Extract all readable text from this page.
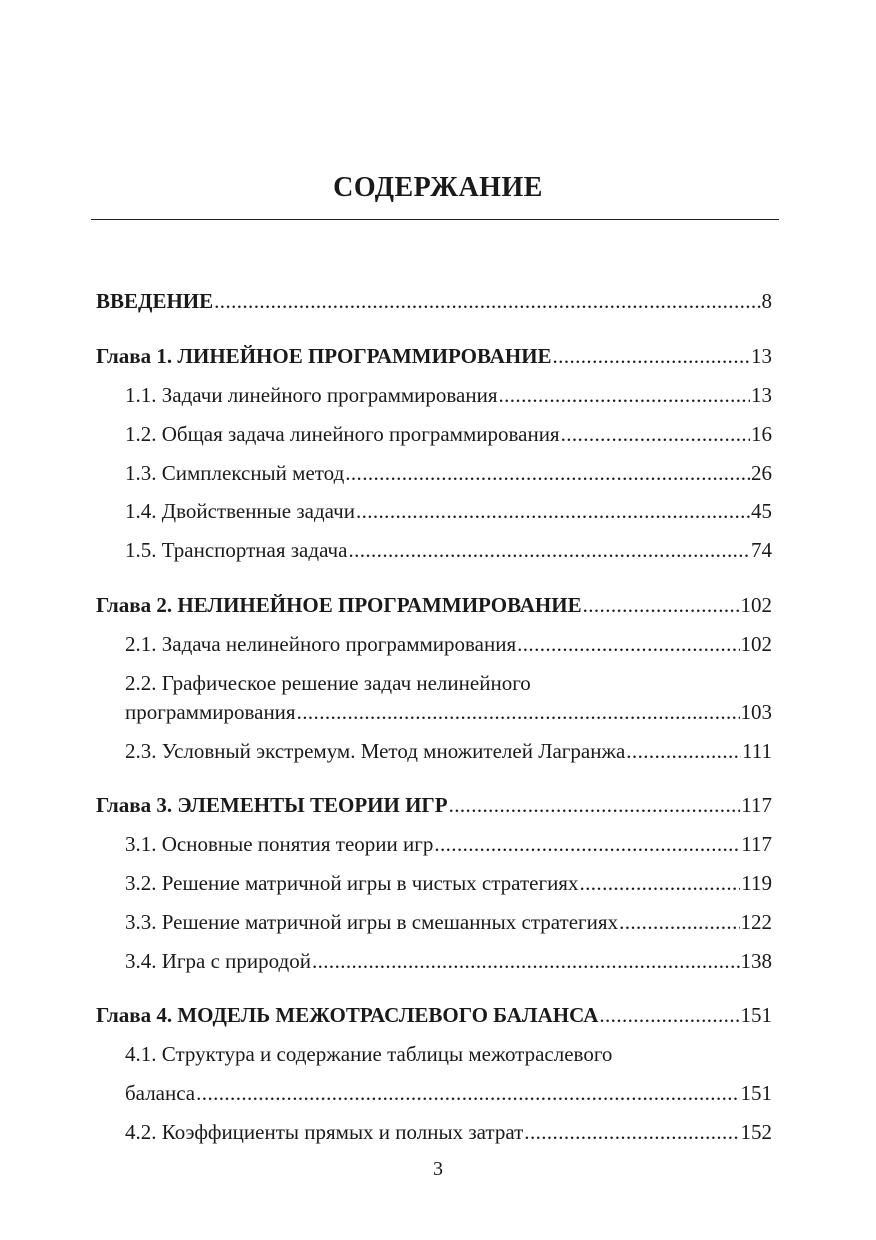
СОДЕРЖАНИЕ
ВВЕДЕНИЕ .....	8
Глава 1. ЛИНЕЙНОЕ ПРОГРАММИРОВАНИЕ .....	13
1.1. Задачи линейного программирования .....	13
1.2. Общая задача линейного программирования .....	16
1.3. Симплексный метод .....	26
1.4. Двойственные задачи .....	45
1.5. Транспортная задача .....	74
Глава 2. НЕЛИНЕЙНОЕ ПРОГРАММИРОВАНИЕ .....	102
2.1. Задача нелинейного программирования .....	102
2.2. Графическое решение задач нелинейного
программирования .....	103
2.3. Условный экстремум. Метод множителей Лагранжа .....	111
Глава 3. ЭЛЕМЕНТЫ ТЕОРИИ ИГР .....	117
3.1. Основные понятия теории игр .....	117
3.2. Решение матричной игры в чистых стратегиях .....	119
3.3. Решение матричной игры в смешанных стратегиях .....	122
3.4. Игра с природой .....	138
Глава 4. МОДЕЛЬ МЕЖОТРАСЛЕВОГО БАЛАНСА .....	151
4.1. Структура и содержание таблицы межотраслевого
баланса .....	151
4.2. Коэффициенты прямых и полных затрат .....	152
3
